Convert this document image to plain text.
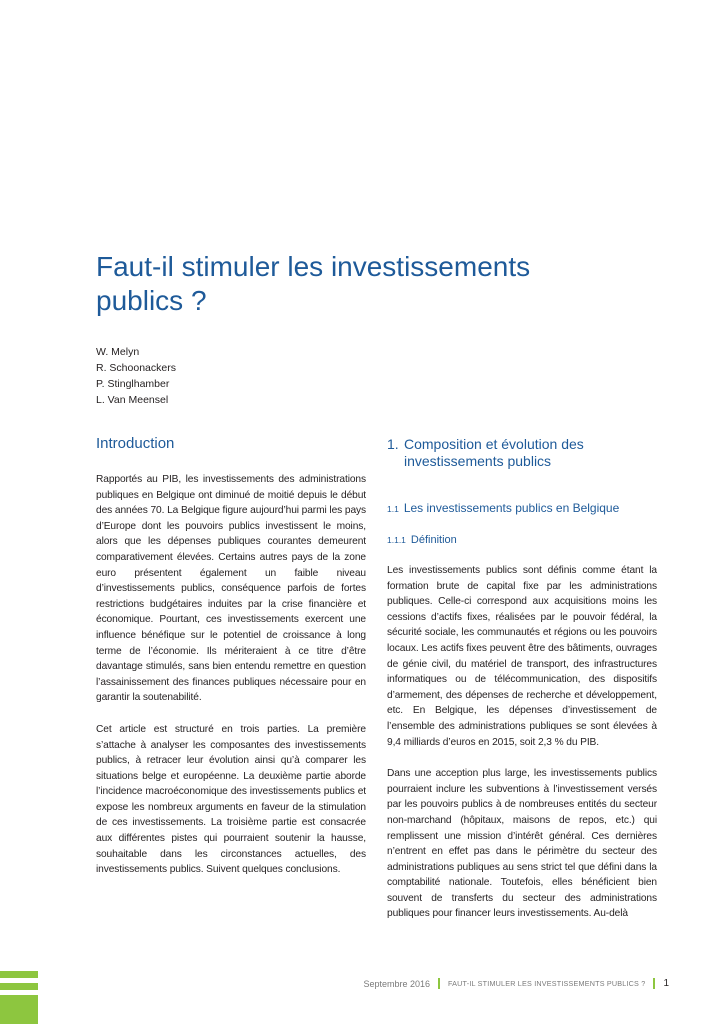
Faut-il stimuler les investissements
publics ?
W. Melyn
R. Schoonackers
P. Stinglhamber
L. Van Meensel
Introduction

Rapportés au PIB, les investissements des administrations publiques en Belgique ont diminué de moitié depuis le début des années 70. La Belgique figure aujourd’hui parmi les pays d’Europe dont les pouvoirs publics investissent le moins, alors que les dépenses publiques courantes demeurent comparativement élevées. Certains autres pays de la zone euro présentent également un faible niveau d’investissements publics, conséquence parfois de fortes restrictions budgétaires induites par la crise financière et économique. Pourtant, ces investissements exercent une influence bénéfique sur le potentiel de croissance à long terme de l’économie. Ils mériteraient à ce titre d’être davantage stimulés, sans bien entendu remettre en question l’assainissement des finances publiques nécessaire pour en garantir la soutenabilité.

Cet article est structuré en trois parties. La première s’attache à analyser les composantes des investissements publics, à retracer leur évolution ainsi qu’à comparer les situations belge et européenne. La deuxième partie aborde l’incidence macroéconomique des investissements publics et expose les nombreux arguments en faveur de la stimulation de ces investissements. La troisième partie est consacrée aux différentes pistes qui pourraient soutenir la hausse, souhaitable dans les circonstances actuelles, des investissements publics. Suivent quelques conclusions.

1. Composition et évolution des investissements publics
1.1 Les investissements publics en Belgique
1.1.1 Définition

Les investissements publics sont définis comme étant la formation brute de capital fixe par les administrations publiques. Celle-ci correspond aux acquisitions moins les cessions d’actifs fixes, réalisées par le pouvoir fédéral, la sécurité sociale, les communautés et régions ou les pouvoirs locaux. Les actifs fixes peuvent être des bâtiments, ouvrages de génie civil, du matériel de transport, des infrastructures informatiques ou de télécommunication, des dispositifs d’armement, des dépenses de recherche et développement, etc. En Belgique, les dépenses d’investissement de l’ensemble des administrations publiques se sont élevées à 9,4 milliards d’euros en 2015, soit 2,3 % du PIB.

Dans une acception plus large, les investissements publics pourraient inclure les subventions à l’investissement versés par les pouvoirs publics à de nombreuses entités du secteur non-marchand (hôpitaux, maisons de repos, etc.) qui remplissent une mission d’intérêt général. Ces dernières n’entrent en effet pas dans le périmètre du secteur des administrations publiques au sens strict tel que défini dans la comptabilité nationale. Toutefois, elles bénéficient bien souvent de transferts du secteur des administrations publiques pour financer leurs investissements. Au-delà

Septembre 2016	FAUT-IL STIMULER LES INVESTISSEMENTS PUBLICS ? 1
